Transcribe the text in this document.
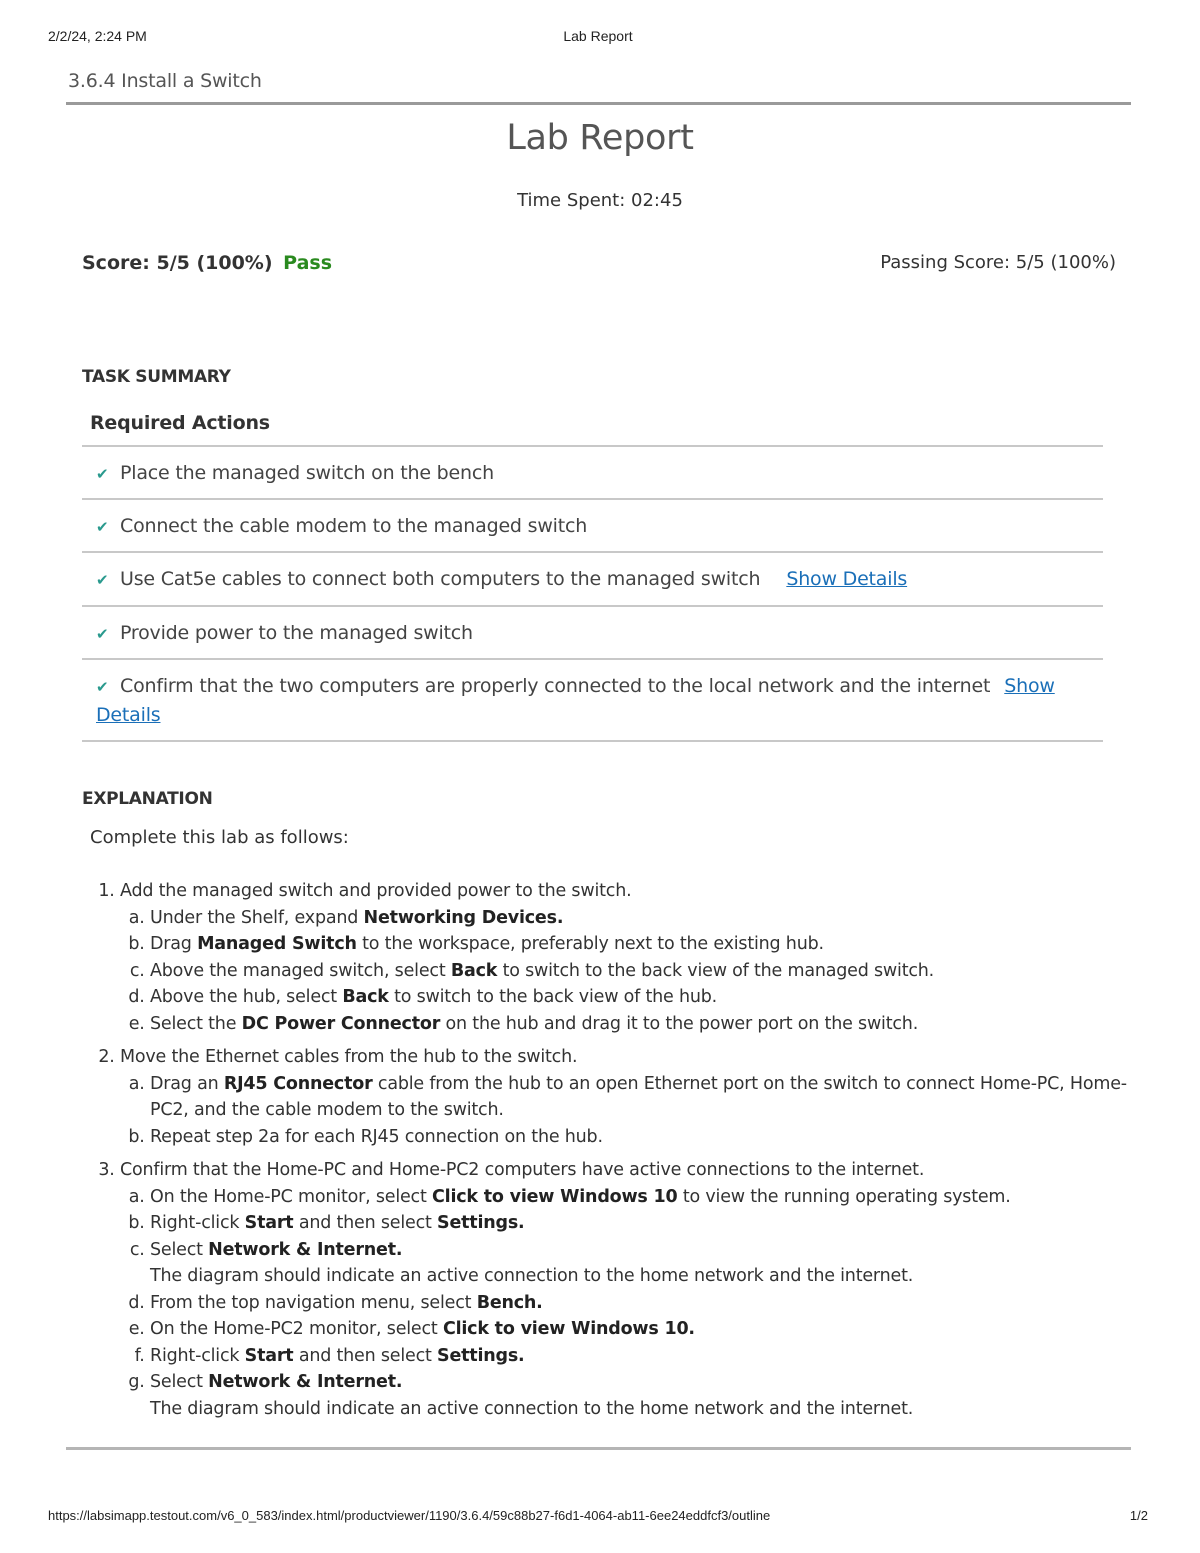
2/2/24, 2:24 PM	Lab Report
3.6.4 Install a Switch
Lab Report
Time Spent: 02:45
Score: 5/5 (100%) Pass	Passing Score: 5/5 (100%)
TASK SUMMARY
Required Actions
✔ Place the managed switch on the bench
✔ Connect the cable modem to the managed switch
✔ Use Cat5e cables to connect both computers to the managed switch Show Details
✔ Provide power to the managed switch
✔ Confirm that the two computers are properly connected to the local network and the internet Show Details
EXPLANATION
Complete this lab as follows:
1. Add the managed switch and provided power to the switch.
a. Under the Shelf, expand Networking Devices.
b. Drag Managed Switch to the workspace, preferably next to the existing hub.
c. Above the managed switch, select Back to switch to the back view of the managed switch.
d. Above the hub, select Back to switch to the back view of the hub.
e. Select the DC Power Connector on the hub and drag it to the power port on the switch.
2. Move the Ethernet cables from the hub to the switch.
a. Drag an RJ45 Connector cable from the hub to an open Ethernet port on the switch to connect Home-PC, Home-PC2, and the cable modem to the switch.
b. Repeat step 2a for each RJ45 connection on the hub.
3. Confirm that the Home-PC and Home-PC2 computers have active connections to the internet.
a. On the Home-PC monitor, select Click to view Windows 10 to view the running operating system.
b. Right-click Start and then select Settings.
c. Select Network & Internet.
The diagram should indicate an active connection to the home network and the internet.
d. From the top navigation menu, select Bench.
e. On the Home-PC2 monitor, select Click to view Windows 10.
f. Right-click Start and then select Settings.
g. Select Network & Internet.
The diagram should indicate an active connection to the home network and the internet.
https://labsimapp.testout.com/v6_0_583/index.html/productviewer/1190/3.6.4/59c88b27-f6d1-4064-ab11-6ee24eddfcf3/outline	1/2
